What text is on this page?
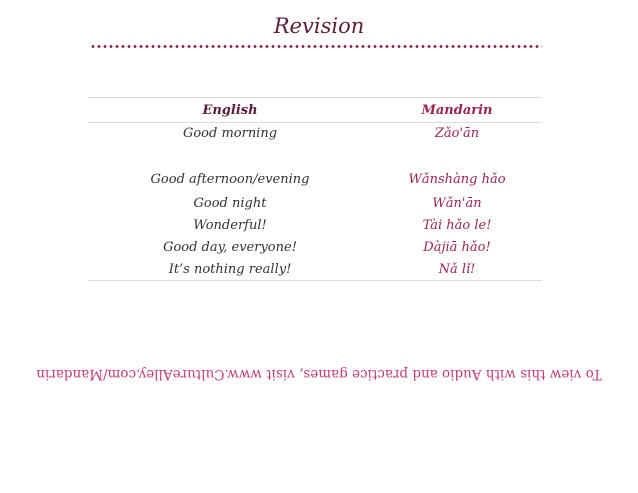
Revision
English	Mandarin
Good morning	Zǎo'ān
Good afternoon/evening	Wǎnshàng hǎo
Good night	Wǎn'ān
Wonderful!	Tài hǎo le!
Good day, everyone!	Dàjiā hǎo!
It’s nothing really!	Nǎ lǐ!
To view this with Audio and practice games, visit www.CultureAlley.com/Mandarin
